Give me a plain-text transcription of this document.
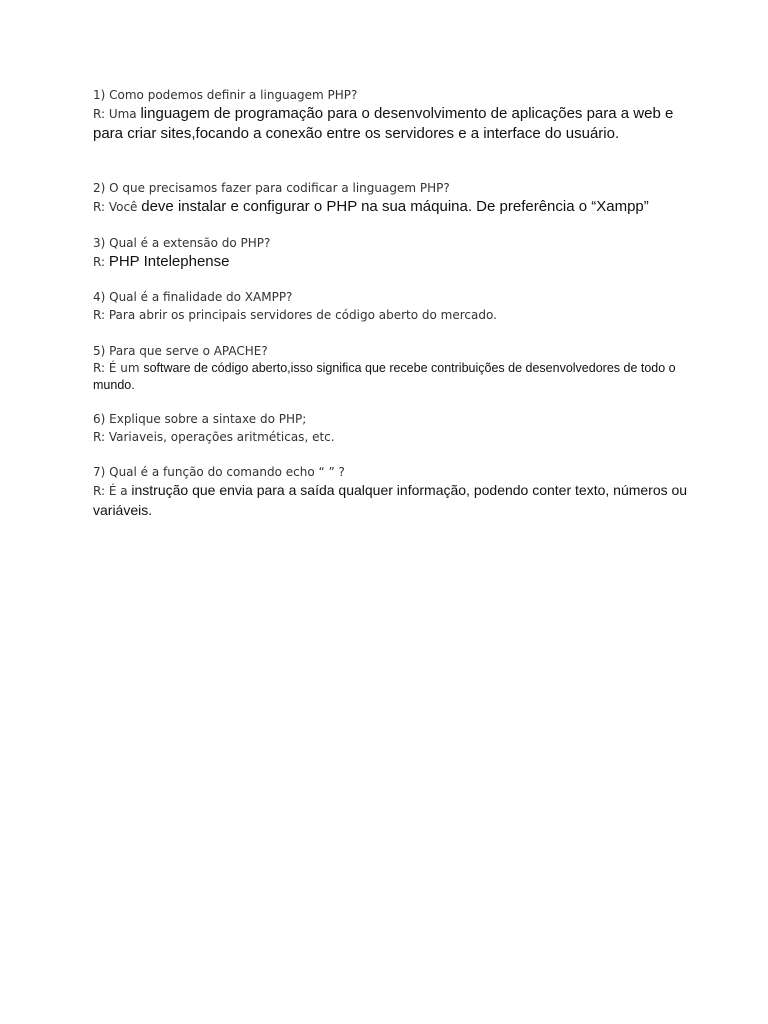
1) Como podemos definir a linguagem PHP?
R: Uma linguagem de programação para o desenvolvimento de aplicações para a web e para criar sites,focando a conexão entre os servidores e a interface do usuário.
2) O que precisamos fazer para codificar a linguagem PHP?
R: Você deve instalar e configurar o PHP na sua máquina. De preferência o “Xampp”
3) Qual é a extensão do PHP?
R: PHP Intelephense
4) Qual é a finalidade do XAMPP?
R: Para abrir os principais servidores de código aberto do mercado.
5) Para que serve o APACHE?
R: É um software de código aberto,isso significa que recebe contribuições de desenvolvedores de todo o mundo.
6) Explique sobre a sintaxe do PHP;
R: Variaveis, operações aritméticas, etc.
7) Qual é a função do comando echo “ ” ?
R: É a instrução que envia para a saída qualquer informação, podendo conter texto, números ou variáveis.
